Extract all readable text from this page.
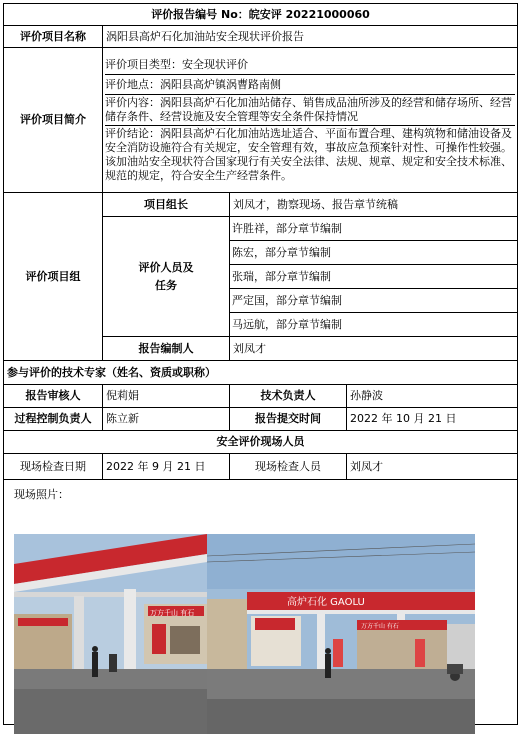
评价报告编号 No：皖安评 20221000060			
评价项目名称	涡阳县高炉石化加油站安全现状评价报告		
评价项目简介	评价项目类型：安全现状评价
评价地点：涡阳县高炉镇涡曹路南侧
评价内容：涡阳县高炉石化加油站储存、销售成品油所涉及的经营和储存场所、经营储存条件、经营设施及安全管理等安全条件保持情况
评价结论：涡阳县高炉石化加油站选址适合、平面布置合理、建构筑物和储油设备及安全消防设施符合有关规定，安全管理有效，事故应急预案针对性、可操作性较强。该加油站安全现状符合国家现行有关安全法律、法规、规章、规定和安全技术标准、规范的规定，符合安全生产经营条件。		

评价项目组	项目组长	刘凤才，勘察现场、报告章节统稿	
	评价人员及任务	许胜祥，部分章节编制
陈宏，部分章节编制
张瑞，部分章节编制
严定国，部分章节编制
马远航，部分章节编制	

	报告编制人	刘凤才	
参与评价的技术专家（姓名、资质或职称）			
报告审核人	倪莉娟	技术负责人	孙静波
过程控制负责人	陈立新	报告提交时间	2022 年 10 月 21 日
安全评价现场人员			
现场检查日期	2022 年 9 月 21 日	现场检查人员	刘凤才

现场照片：			
万方千山 有石
高炉石化 GAOLU
万方千山 有石
